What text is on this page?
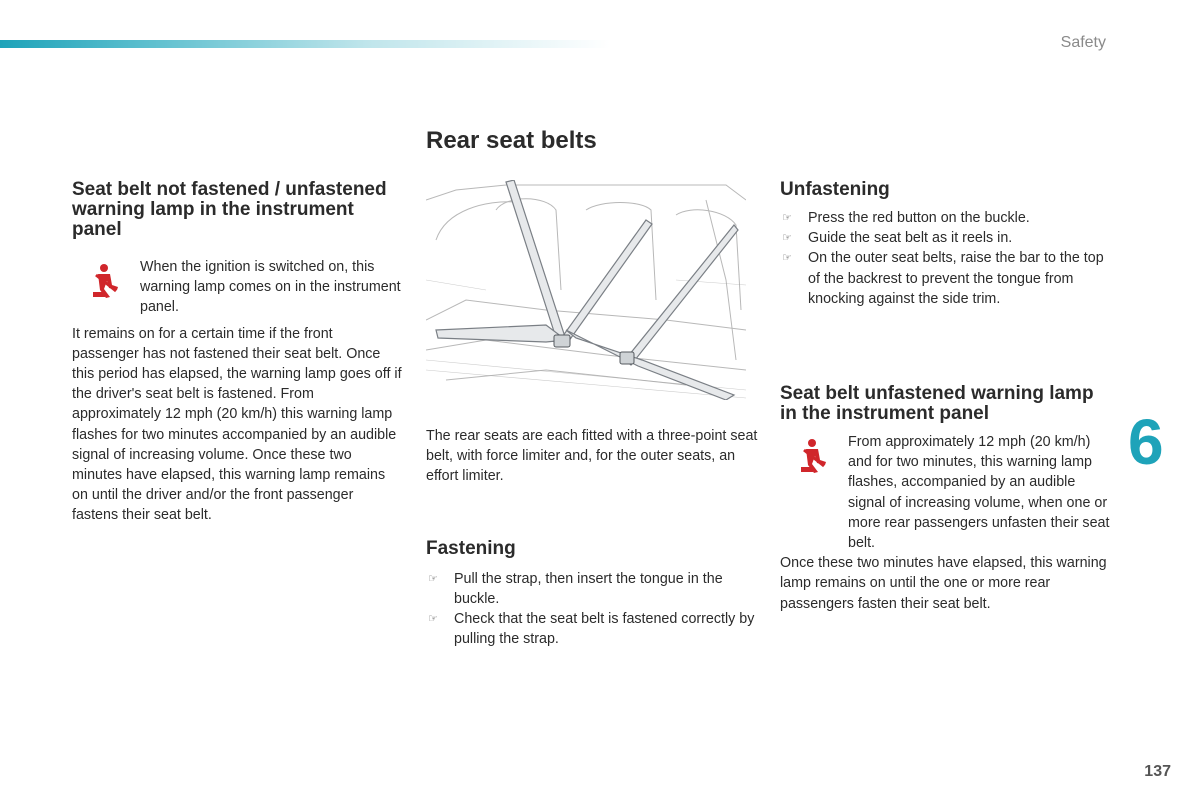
Safety
Rear seat belts
Seat belt not fastened / unfastened warning lamp in the instrument panel

When the ignition is switched on, this warning lamp comes on in the instrument panel.

It remains on for a certain time if the front passenger has not fastened their seat belt. Once this period has elapsed, the warning lamp goes off if the driver's seat belt is fastened. From approximately 12 mph (20 km/h) this warning lamp flashes for two minutes accompanied by an audible signal of increasing volume. Once these two minutes have elapsed, this warning lamp remains on until the driver and/or the front passenger fastens their seat belt.

The rear seats are each fitted with a three-point seat belt, with force limiter and, for the outer seats, an effort limiter.

Fastening
☞ Pull the strap, then insert the tongue in the buckle.
☞ Check that the seat belt is fastened correctly by pulling the strap.
Unfastening
☞ Press the red button on the buckle.
☞ Guide the seat belt as it reels in.
☞ On the outer seat belts, raise the bar to the top of the backrest to prevent the tongue from knocking against the side trim.
Seat belt unfastened warning lamp in the instrument panel

From approximately 12 mph (20 km/h) and for two minutes, this warning lamp flashes, accompanied by an audible signal of increasing volume, when one or more rear passengers unfasten their seat belt.

Once these two minutes have elapsed, this warning lamp remains on until the one or more rear passengers fasten their seat belt.

6
137
